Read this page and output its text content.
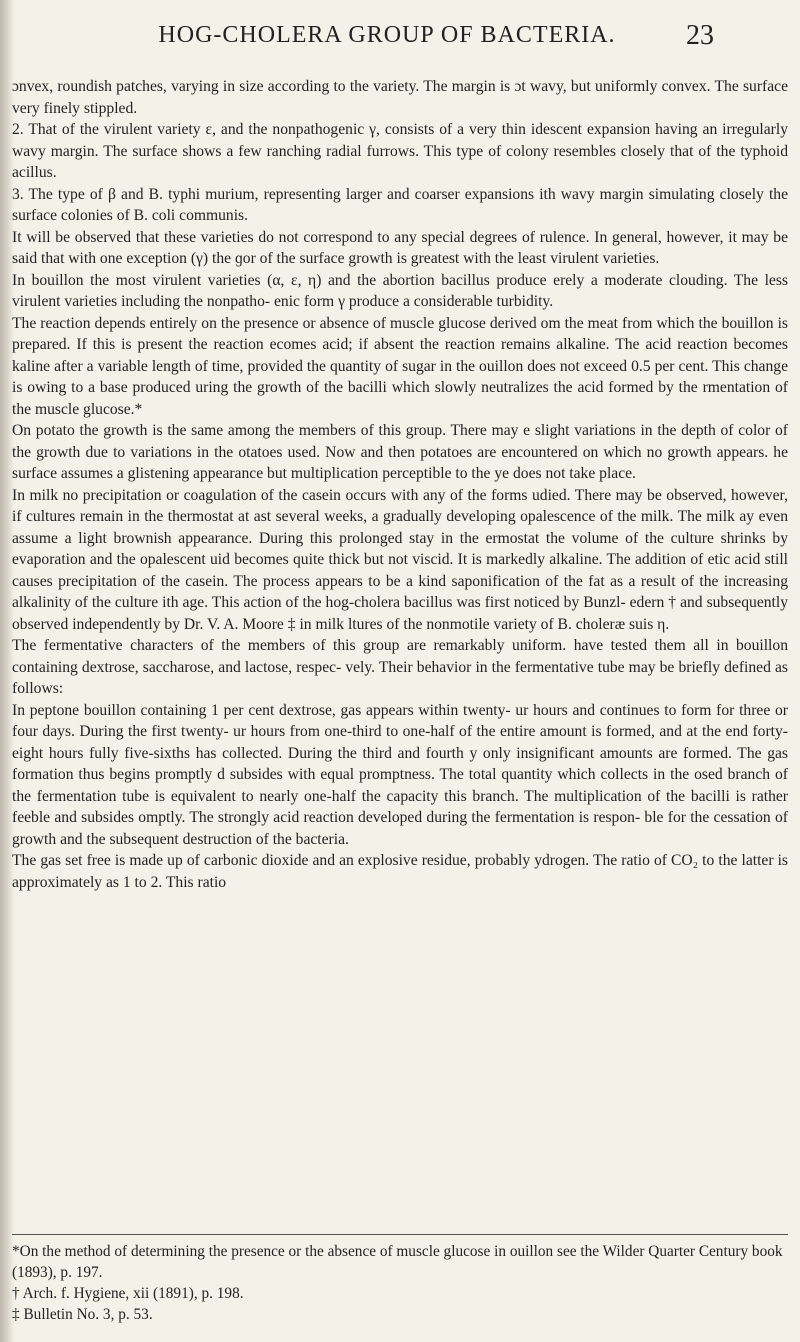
HOG-CHOLERA GROUP OF BACTERIA.	23

ɔnvex, roundish patches, varying in size according to the variety. The margin is ɔt wavy, but uniformly convex. The surface very finely stippled.

2. That of the virulent variety ε, and the nonpathogenic γ, consists of a very thin idescent expansion having an irregularly wavy margin. The surface shows a few ranching radial furrows. This type of colony resembles closely that of the typhoid acillus.

3. The type of β and B. typhi murium, representing larger and coarser expansions ith wavy margin simulating closely the surface colonies of B. coli communis.

It will be observed that these varieties do not correspond to any special degrees of rulence. In general, however, it may be said that with one exception (γ) the ɡor of the surface growth is greatest with the least virulent varieties.

In bouillon the most virulent varieties (α, ε, η) and the abortion bacillus produce erely a moderate clouding. The less virulent varieties including the nonpatho- enic form γ produce a considerable turbidity.

The reaction depends entirely on the presence or absence of muscle glucose derived om the meat from which the bouillon is prepared. If this is present the reaction ecomes acid; if absent the reaction remains alkaline. The acid reaction becomes kaline after a variable length of time, provided the quantity of sugar in the ouillon does not exceed 0.5 per cent. This change is owing to a base produced uring the growth of the bacilli which slowly neutralizes the acid formed by the rmentation of the muscle glucose.*

On potato the growth is the same among the members of this group. There may e slight variations in the depth of color of the growth due to variations in the otatoes used. Now and then potatoes are encountered on which no growth appears. he surface assumes a glistening appearance but multiplication perceptible to the ye does not take place.

In milk no precipitation or coagulation of the casein occurs with any of the forms udied. There may be observed, however, if cultures remain in the thermostat at ast several weeks, a gradually developing opalescence of the milk. The milk ay even assume a light brownish appearance. During this prolonged stay in the ermostat the volume of the culture shrinks by evaporation and the opalescent uid becomes quite thick but not viscid. It is markedly alkaline. The addition of etic acid still causes precipitation of the casein. The process appears to be a kind saponification of the fat as a result of the increasing alkalinity of the culture ith age. This action of the hog-cholera bacillus was first noticed by Bunzl- edern † and subsequently observed independently by Dr. V. A. Moore ‡ in milk ltures of the nonmotile variety of B. choleræ suis η.

The fermentative characters of the members of this group are remarkably uniform. have tested them all in bouillon containing dextrose, saccharose, and lactose, respec- vely. Their behavior in the fermentative tube may be briefly defined as follows:

In peptone bouillon containing 1 per cent dextrose, gas appears within twenty- ur hours and continues to form for three or four days. During the first twenty- ur hours from one-third to one-half of the entire amount is formed, and at the end forty-eight hours fully five-sixths has collected. During the third and fourth y only insignificant amounts are formed. The gas formation thus begins promptly d subsides with equal promptness. The total quantity which collects in the osed branch of the fermentation tube is equivalent to nearly one-half the capacity this branch. The multiplication of the bacilli is rather feeble and subsides omptly. The strongly acid reaction developed during the fermentation is respon- ble for the cessation of growth and the subsequent destruction of the bacteria.

The gas set free is made up of carbonic dioxide and an explosive residue, probably ydrogen. The ratio of CO₂ to the latter is approximately as 1 to 2. This ratio

*On the method of determining the presence or the absence of muscle glucose in ouillon see the Wilder Quarter Century book (1893), p. 197.

† Arch. f. Hygiene, xii (1891), p. 198.

‡ Bulletin No. 3, p. 53.
